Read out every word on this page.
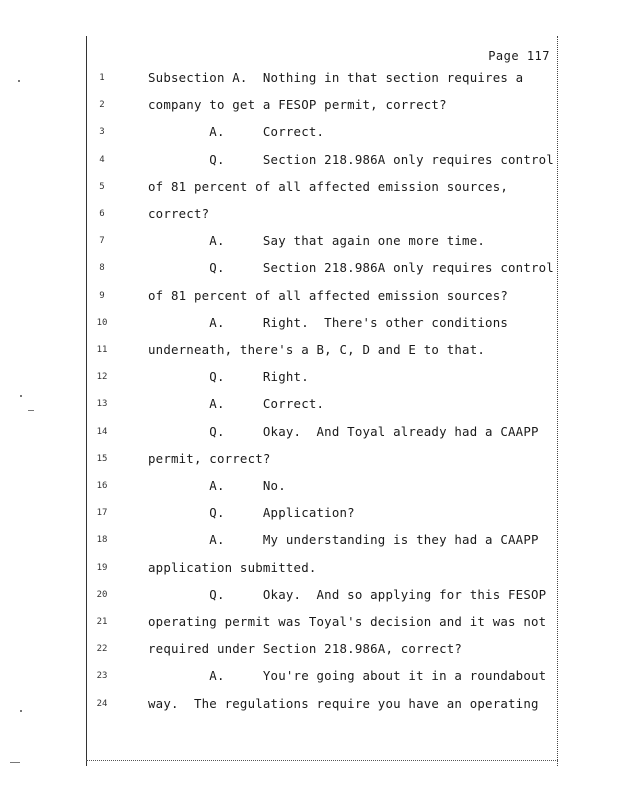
Page 117
1	Subsection A.  Nothing in that section requires a
2	company to get a FESOP permit, correct?
3	A.     Correct.
4	Q.     Section 218.986A only requires control
5	of 81 percent of all affected emission sources,
6	correct?
7	A.     Say that again one more time.
8	Q.     Section 218.986A only requires control
9	of 81 percent of all affected emission sources?
10	A.     Right.  There's other conditions
11	underneath, there's a B, C, D and E to that.
12	Q.     Right.
13	A.     Correct.
14	Q.     Okay.  And Toyal already had a CAAPP
15	permit, correct?
16	A.     No.
17	Q.     Application?
18	A.     My understanding is they had a CAAPP
19	application submitted.
20	Q.     Okay.  And so applying for this FESOP
21	operating permit was Toyal's decision and it was not
22	required under Section 218.986A, correct?
23	A.     You're going about it in a roundabout
24	way.  The regulations require you have an operating
